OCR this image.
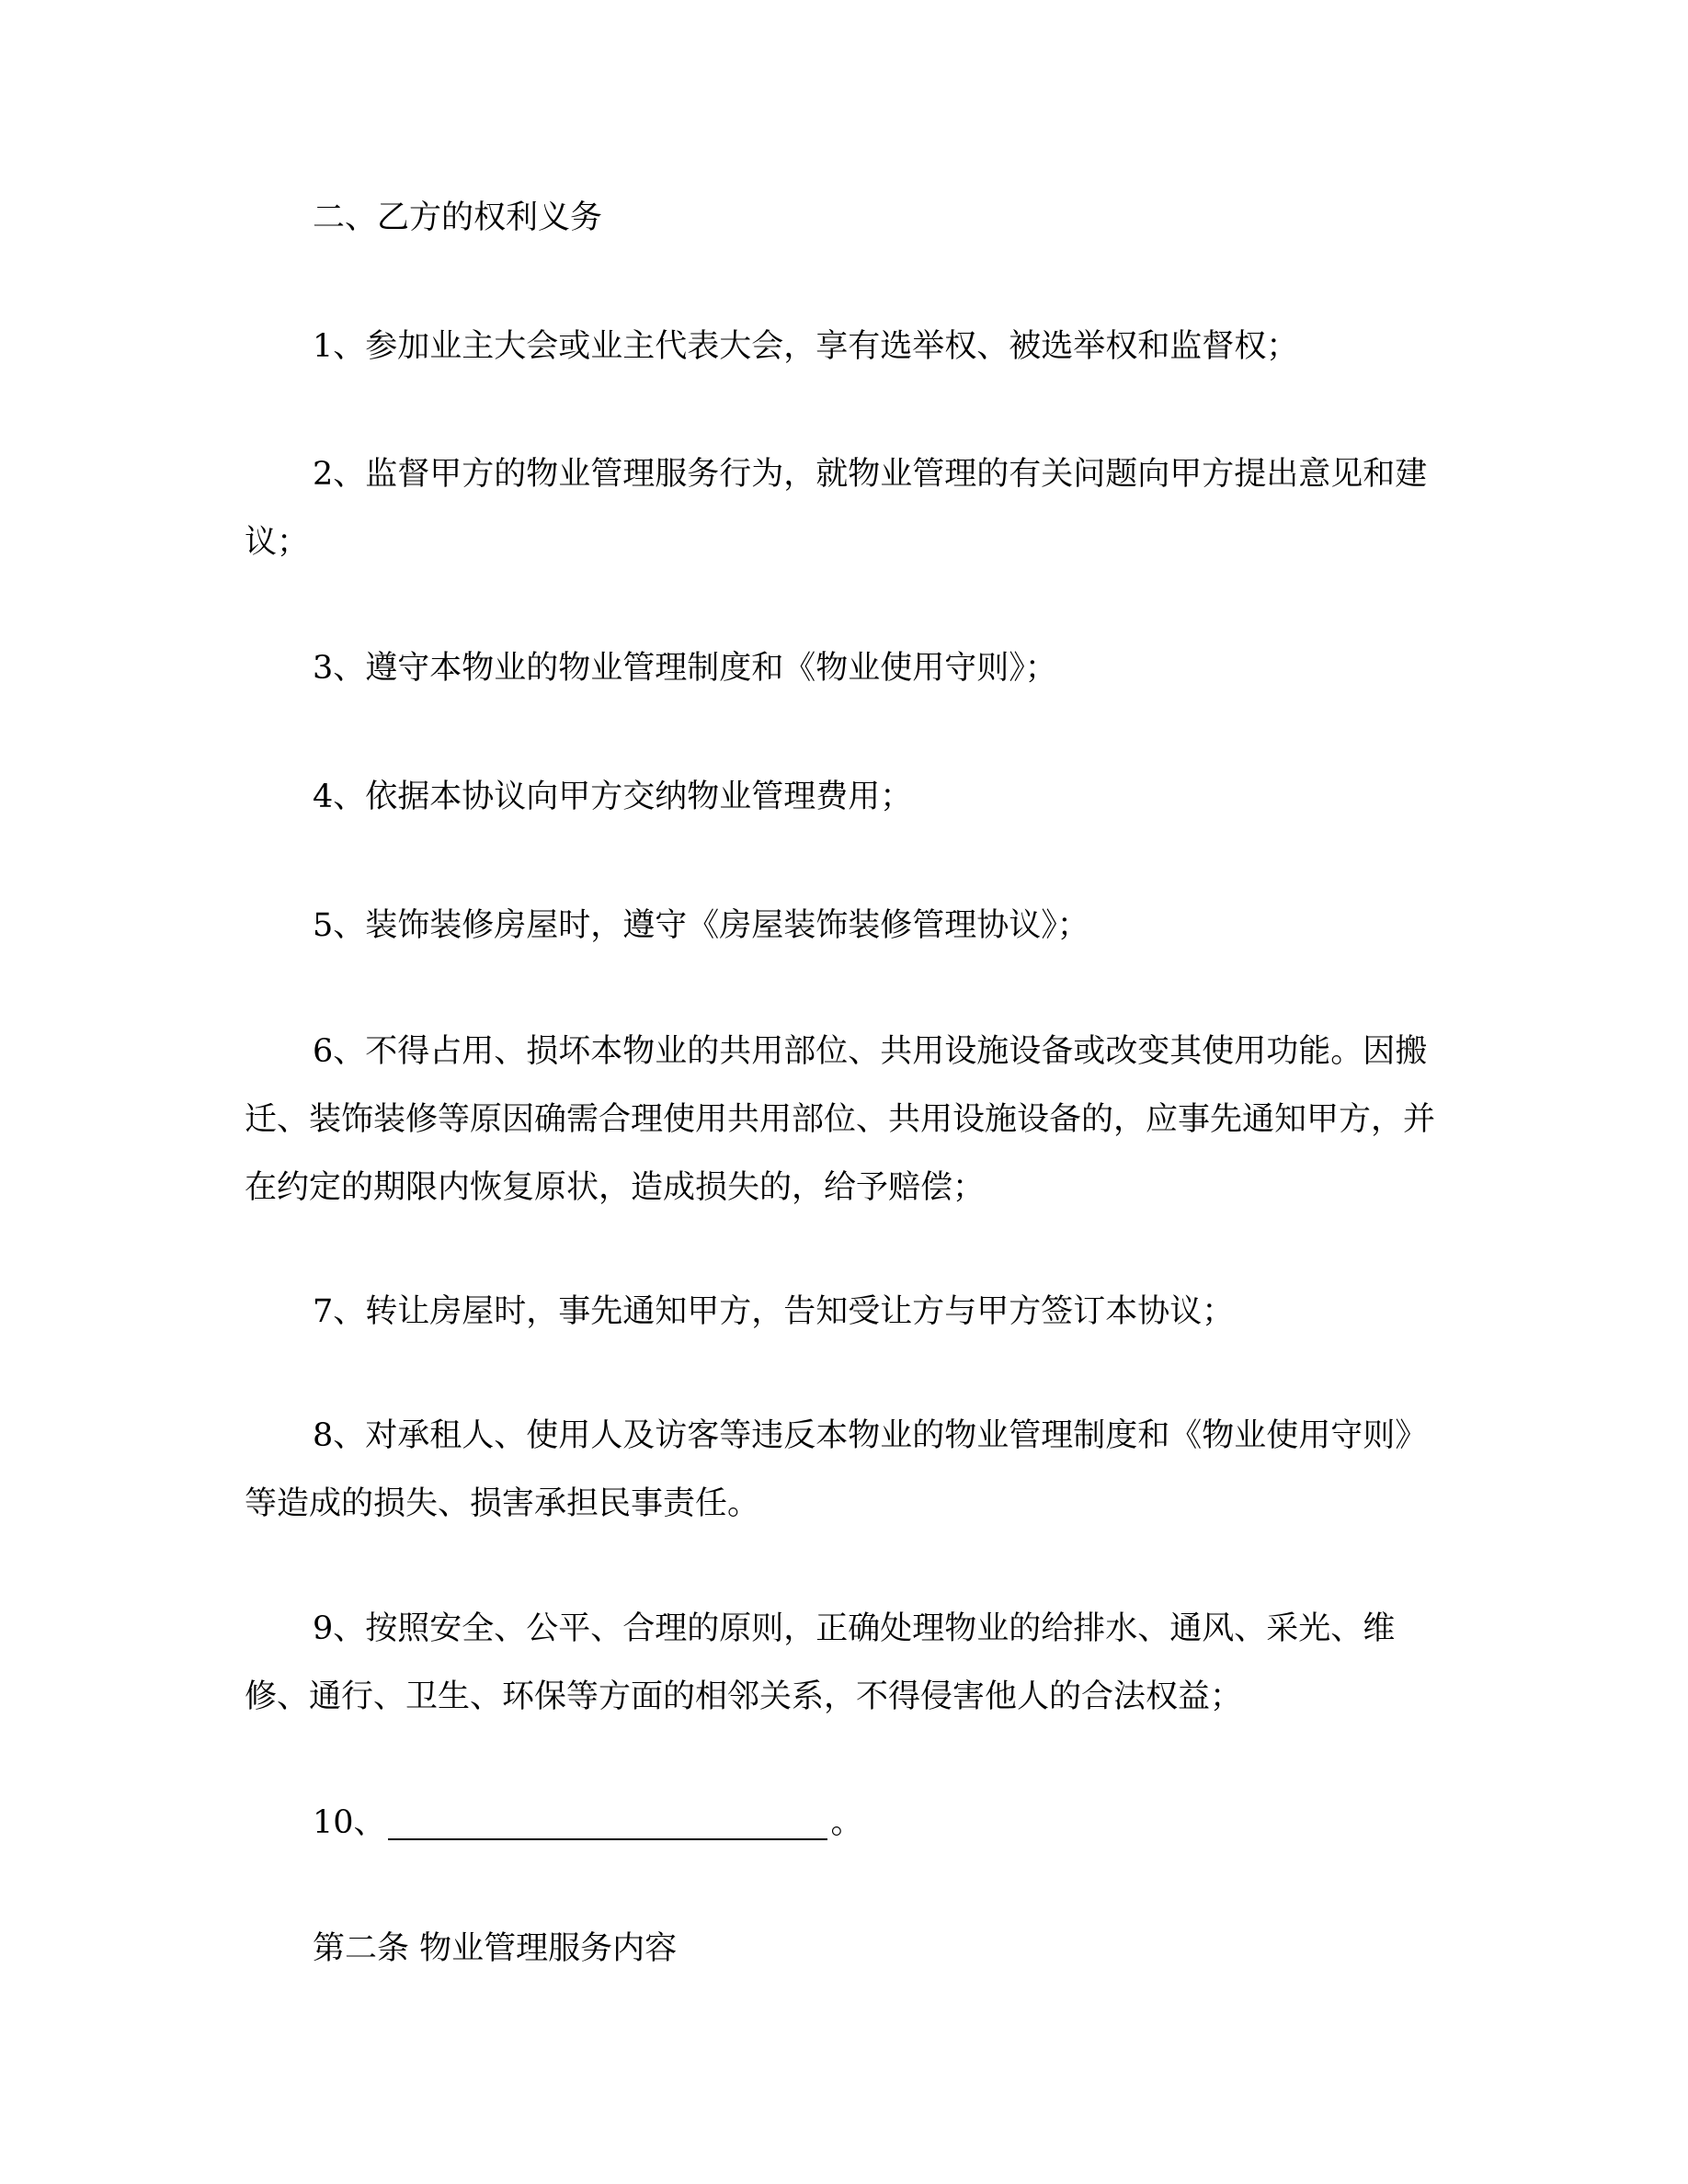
二、乙方的权利义务

1、参加业主大会或业主代表大会，享有选举权、被选举权和监督权；

2、监督甲方的物业管理服务行为，就物业管理的有关问题向甲方提出意见和建议；

3、遵守本物业的物业管理制度和《物业使用守则》；

4、依据本协议向甲方交纳物业管理费用；

5、装饰装修房屋时，遵守《房屋装饰装修管理协议》；

6、不得占用、损坏本物业的共用部位、共用设施设备或改变其使用功能。因搬迁、装饰装修等原因确需合理使用共用部位、共用设施设备的，应事先通知甲方，并在约定的期限内恢复原状，造成损失的，给予赔偿；

7、转让房屋时，事先通知甲方，告知受让方与甲方签订本协议；

8、对承租人、使用人及访客等违反本物业的物业管理制度和《物业使用守则》等造成的损失、损害承担民事责任。

9、按照安全、公平、合理的原则，正确处理物业的给排水、通风、采光、维修、通行、卫生、环保等方面的相邻关系，不得侵害他人的合法权益；

10、	。

第二条 物业管理服务内容
